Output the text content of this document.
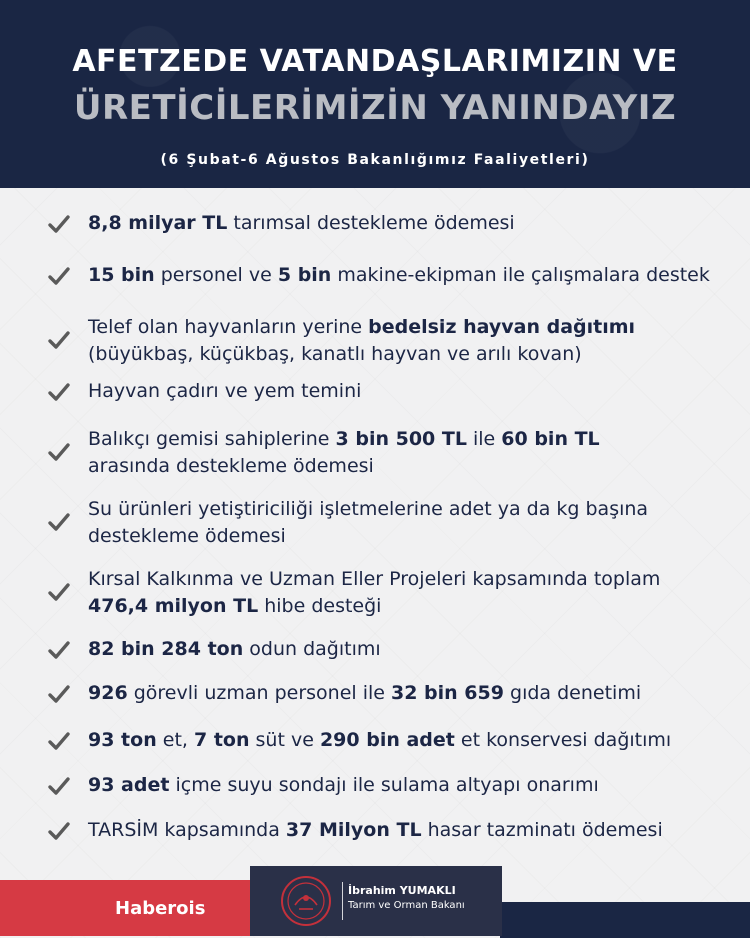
AFETZEDE VATANDAŞLARIMIZIN VE
ÜRETİCİLERİMİZİN YANINDAYIZ
(6 Şubat-6 Ağustos Bakanlığımız Faaliyetleri)
8,8 milyar TL tarımsal destekleme ödemesi
15 bin personel ve 5 bin makine-ekipman ile çalışmalara destek
Telef olan hayvanların yerine bedelsiz hayvan dağıtımı
(büyükbaş, küçükbaş, kanatlı hayvan ve arılı kovan)
Hayvan çadırı ve yem temini
Balıkçı gemisi sahiplerine 3 bin 500 TL ile 60 bin TL
arasında destekleme ödemesi
Su ürünleri yetiştiriciliği işletmelerine adet ya da kg başına
destekleme ödemesi
Kırsal Kalkınma ve Uzman Eller Projeleri kapsamında toplam
476,4 milyon TL hibe desteği
82 bin 284 ton odun dağıtımı
926 görevli uzman personel ile 32 bin 659 gıda denetimi
93 ton et, 7 ton süt ve 290 bin adet et konservesi dağıtımı
93 adet içme suyu sondajı ile sulama altyapı onarımı
TARSİM kapsamında 37 Milyon TL hasar tazminatı ödemesi
Haberois
İbrahim YUMAKLI
Tarım ve Orman Bakanı
